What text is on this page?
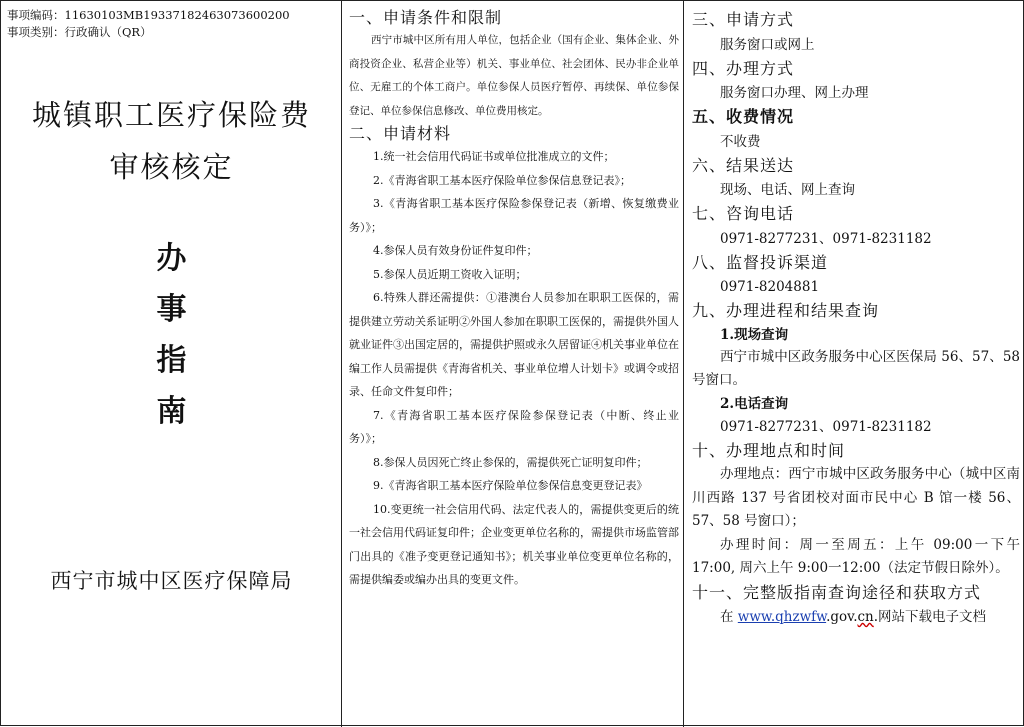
事项编码：11630103MB19337182463073600200
事项类别：行政确认（QR）
城镇职工医疗保险费
审核核定
办
事
指
南
西宁市城中区医疗保障局
一、申请条件和限制

西宁市城中区所有用人单位，包括企业（国有企业、集体企业、外商投资企业、私营企业等）机关、事业单位、社会团体、民办非企业单位、无雇工的个体工商户。单位参保人员医疗暂停、再续保、单位参保登记、单位参保信息修改、单位费用核定。

二、申请材料

1.统一社会信用代码证书或单位批准成立的文件；

2.《青海省职工基本医疗保险单位参保信息登记表》；

3.《青海省职工基本医疗保险参保登记表（新增、恢复缴费业务）》；

4.参保人员有效身份证件复印件；

5.参保人员近期工资收入证明；

6.特殊人群还需提供：①港澳台人员参加在职职工医保的，需提供建立劳动关系证明②外国人参加在职职工医保的，需提供外国人就业证件③出国定居的，需提供护照或永久居留证④机关事业单位在编工作人员需提供《青海省机关、事业单位增人计划卡》或调令或招录、任命文件复印件；

7.《青海省职工基本医疗保险参保登记表（中断、终止业务）》；

8.参保人员因死亡终止参保的，需提供死亡证明复印件；

9.《青海省职工基本医疗保险单位参保信息变更登记表》

10.变更统一社会信用代码、法定代表人的，需提供变更后的统一社会信用代码证复印件；企业变更单位名称的，需提供市场监管部门出具的《准予变更登记通知书》；机关事业单位变更单位名称的，需提供编委或编办出具的变更文件。

三、申请方式
服务窗口或网上
四、办理方式
服务窗口办理、网上办理
五、收费情况
不收费
六、结果送达
现场、电话、网上查询
七、咨询电话
0971-8277231、0971-8231182
八、监督投诉渠道
0971-8204881
九、办理进程和结果查询
1.现场查询
西宁市城中区政务服务中心区医保局 56、57、58 号窗口。
2.电话查询
0971-8277231、0971-8231182
十、办理地点和时间
办理地点：西宁市城中区政务服务中心（城中区南川西路 137 号省团校对面市民中心 B 馆一楼 56、57、58 号窗口）；
办理时间：周一至周五：上午 09:00一下午 17:00, 周六上午 9:00一12:00（法定节假日除外）。
十一、完整版指南查询途径和获取方式
在 www.qhzwfw.gov.cn.网站下载电子文档
